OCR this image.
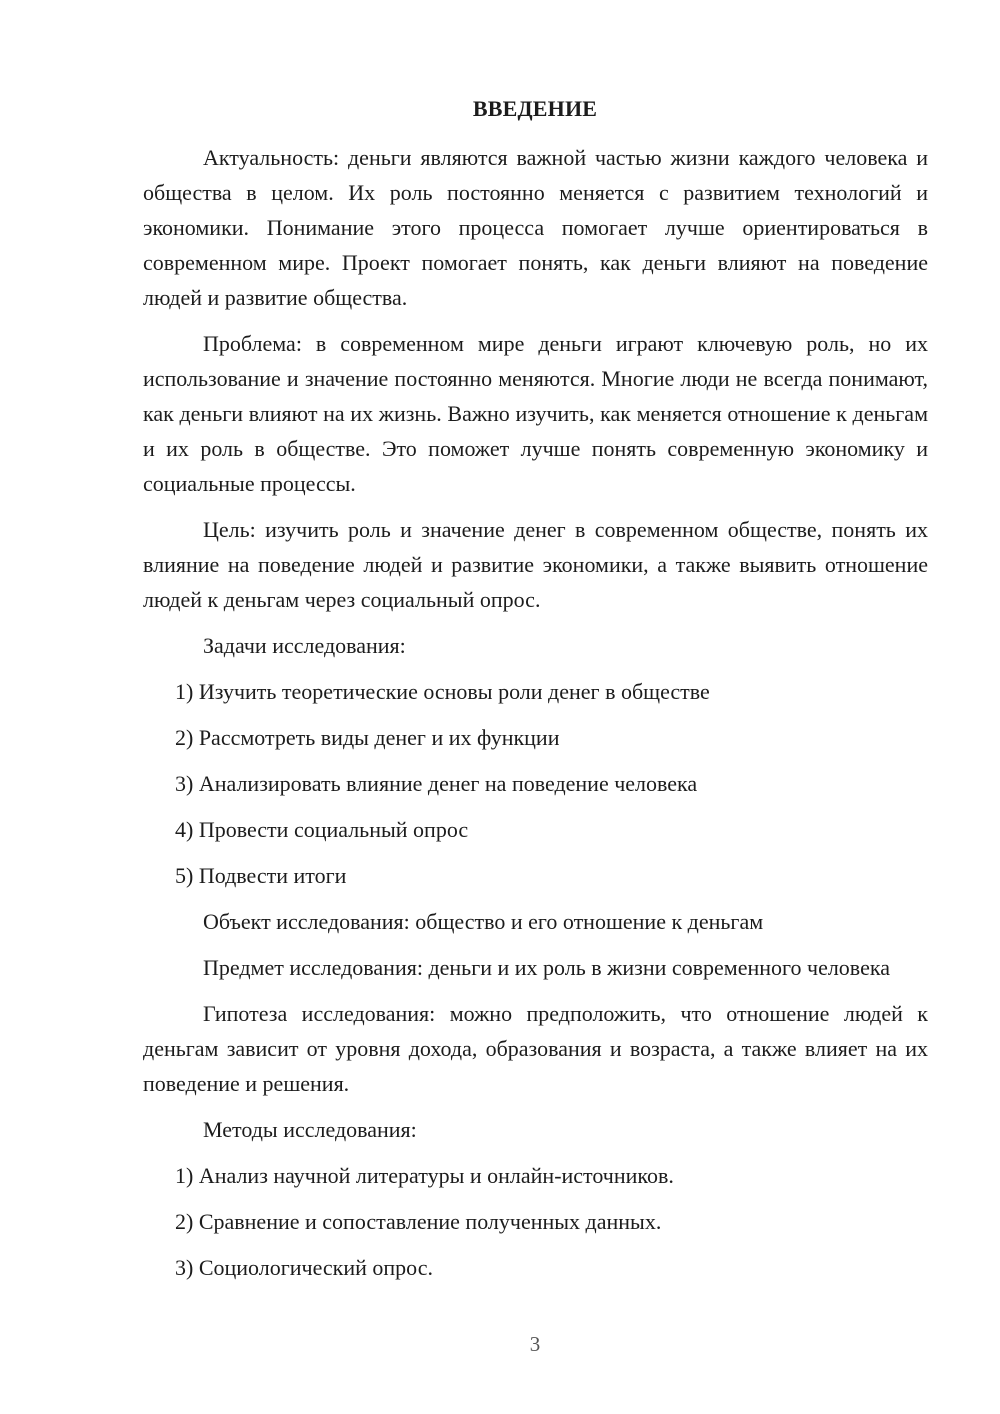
ВВЕДЕНИЕ

Актуальность: деньги являются важной частью жизни каждого человека и общества в целом. Их роль постоянно меняется с развитием технологий и экономики. Понимание этого процесса помогает лучше ориентироваться в современном мире. Проект помогает понять, как деньги влияют на поведение людей и развитие общества.

Проблема: в современном мире деньги играют ключевую роль, но их использование и значение постоянно меняются. Многие люди не всегда понимают, как деньги влияют на их жизнь. Важно изучить, как меняется отношение к деньгам и их роль в обществе. Это поможет лучше понять современную экономику и социальные процессы.

Цель: изучить роль и значение денег в современном обществе, понять их влияние на поведение людей и развитие экономики, а также выявить отношение людей к деньгам через социальный опрос.

Задачи исследования:

1) Изучить теоретические основы роли денег в обществе

2) Рассмотреть виды денег и их функции

3) Анализировать влияние денег на поведение человека

4) Провести социальный опрос

5) Подвести итоги

Объект исследования: общество и его отношение к деньгам

Предмет исследования: деньги и их роль в жизни современного человека

Гипотеза исследования: можно предположить, что отношение людей к деньгам зависит от уровня дохода, образования и возраста, а также влияет на их поведение и решения.

Методы исследования:

1) Анализ научной литературы и онлайн-источников.

2) Сравнение и сопоставление полученных данных.

3) Социологический опрос.

3
